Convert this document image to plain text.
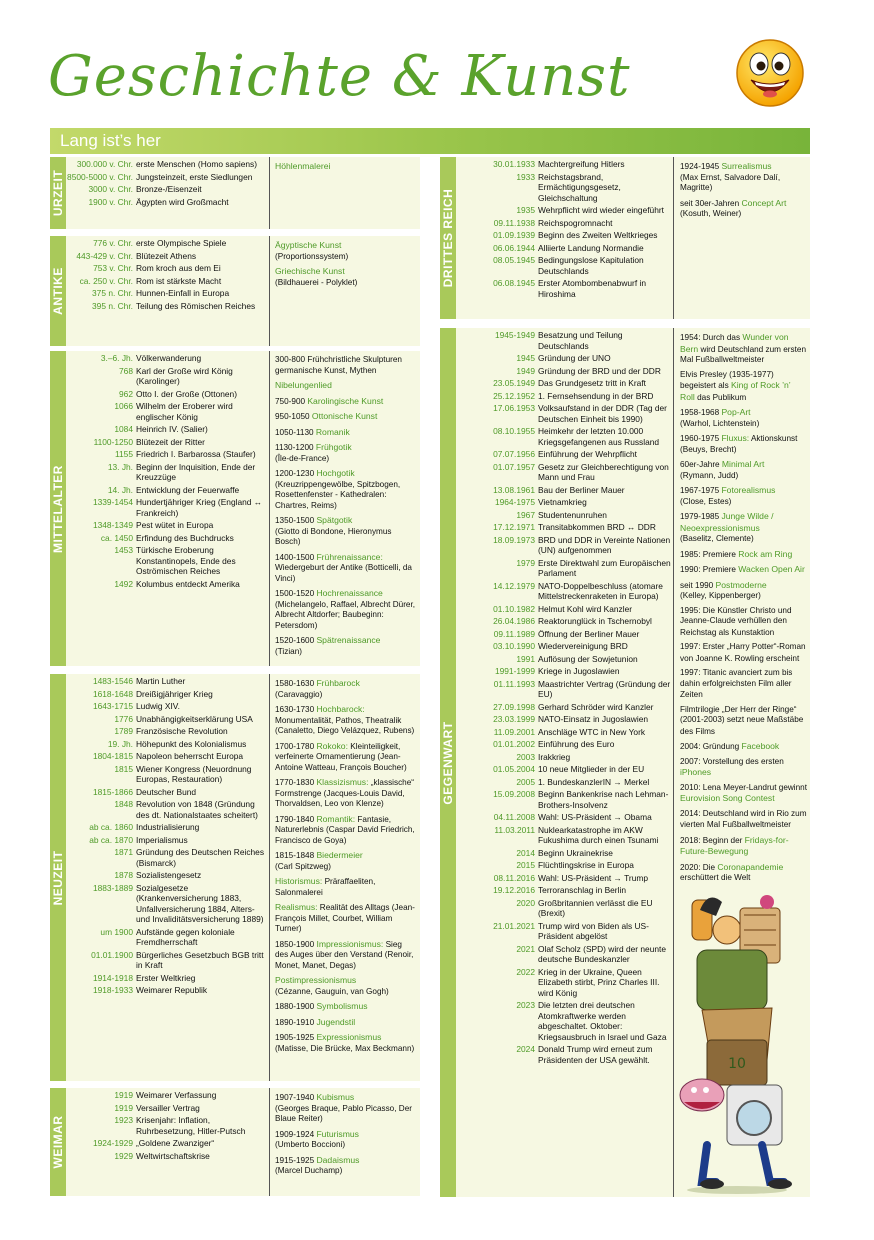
Geschichte & Kunst
Lang ist’s her
URZEIT
300.000 v. Chr. erste Menschen (Homo sapiens)
8500-5000 v. Chr. Jungsteinzeit, erste Siedlungen
3000 v. Chr. Bronze-/Eisenzeit
1900 v. Chr. Ägypten wird Großmacht
Höhlenmalerei
ANTIKE
776 v. Chr. erste Olympische Spiele
443-429 v. Chr. Blütezeit Athens
753 v. Chr. Rom kroch aus dem Ei
ca. 250 v. Chr. Rom ist stärkste Macht
375 n. Chr. Hunnen-Einfall in Europa
395 n. Chr. Teilung des Römischen Reiches
Ägyptische Kunst
(Proportionssystem)
Griechische Kunst
(Bildhauerei - Polyklet)
MITTELALTER
3.–6. Jh. Völkerwanderung
768 Karl der Große wird König (Karolinger)
962 Otto I. der Große (Ottonen)
1066 Wilhelm der Eroberer wird englischer König
1084 Heinrich IV. (Salier)
1100-1250 Blütezeit der Ritter
1155 Friedrich I. Barbarossa (Staufer)
13. Jh. Beginn der Inquisition, Ende der Kreuzzüge
14. Jh. Entwicklung der Feuerwaffe
1339-1454 Hundertjähriger Krieg (England ↔ Frankreich)
1348-1349 Pest wütet in Europa
ca. 1450 Erfindung des Buchdrucks
1453 Türkische Eroberung Konstantinopels, Ende des Oströmischen Reiches
1492 Kolumbus entdeckt Amerika
300-800 Frühchristliche Skulpturen germanische Kunst, Mythen
Nibelungenlied
750-900 Karolingische Kunst
950-1050 Ottonische Kunst
1050-1130 Romanik
1130-1200 Frühgotik
(Île-de-France)
1200-1230 Hochgotik
(Kreuzrippengewölbe, Spitzbogen, Rosettenfenster - Kathedralen: Chartres, Reims)
1350-1500 Spätgotik
(Giotto di Bondone, Hieronymus Bosch)
1400-1500 Frührenaissance: Wiedergeburt der Antike (Botticelli, da Vinci)
1500-1520 Hochrenaissance
(Michelangelo, Raffael, Albrecht Dürer, Albrecht Altdorfer; Baubeginn: Petersdom)
1520-1600 Spätrenaissance
(Tizian)
NEUZEIT
1483-1546 Martin Luther
1618-1648 Dreißigjähriger Krieg
1643-1715 Ludwig XIV.
1776 Unabhängigkeitserklärung USA
1789 Französische Revolution
19. Jh. Höhepunkt des Kolonialismus
1804-1815 Napoleon beherrscht Europa
1815 Wiener Kongress (Neuordnung Europas, Restauration)
1815-1866 Deutscher Bund
1848 Revolution von 1848 (Gründung des dt. Nationalstaates scheitert)
ab ca. 1860 Industrialisierung
ab ca. 1870 Imperialismus
1871 Gründung des Deutschen Reiches (Bismarck)
1878 Sozialistengesetz
1883-1889 Sozialgesetze (Krankenversicherung 1883, Unfallversicherung 1884, Alters- und Invaliditätsversicherung 1889)
um 1900 Aufstände gegen koloniale Fremdherrschaft
01.01.1900 Bürgerliches Gesetzbuch BGB tritt in Kraft
1914-1918 Erster Weltkrieg
1918-1933 Weimarer Republik
1580-1630 Frühbarock
(Caravaggio)
1630-1730 Hochbarock: Monumentalität, Pathos, Theatralik (Canaletto, Diego Velázquez, Rubens)
1700-1780 Rokoko: Kleinteiligkeit, verfeinerte Ornamentierung (Jean-Antoine Watteau, François Boucher)
1770-1830 Klassizismus: „klassische“ Formstrenge (Jacques-Louis David, Thorvaldsen, Leo von Klenze)
1790-1840 Romantik: Fantasie, Naturerlebnis (Caspar David Friedrich, Francisco de Goya)
1815-1848 Biedermeier
(Carl Spitzweg)
Historismus: Präraffaeliten, Salonmalerei
Realismus: Realität des Alltags (Jean-François Millet, Courbet, William Turner)
1850-1900 Impressionismus: Sieg des Auges über den Verstand (Renoir, Monet, Manet, Degas)
Postimpressionismus
(Cézanne, Gauguin, van Gogh)
1880-1900 Symbolismus
1890-1910 Jugendstil
1905-1925 Expressionismus
(Matisse, Die Brücke, Max Beckmann)
WEIMAR
1919 Weimarer Verfassung
1919 Versailler Vertrag
1923 Krisenjahr: Inflation, Ruhrbesetzung, Hitler-Putsch
1924-1929 „Goldene Zwanziger“
1929 Weltwirtschaftskrise
1907-1940 Kubismus
(Georges Braque, Pablo Picasso, Der Blaue Reiter)
1909-1924 Futurismus
(Umberto Boccioni)
1915-1925 Dadaismus
(Marcel Duchamp)
DRITTES REICH
30.01.1933 Machtergreifung Hitlers
1933 Reichstagsbrand, Ermächtigungsgesetz, Gleichschaltung
1935 Wehrpflicht wird wieder eingeführt
09.11.1938 Reichspogromnacht
01.09.1939 Beginn des Zweiten Weltkrieges
06.06.1944 Alliierte Landung Normandie
08.05.1945 Bedingungslose Kapitulation Deutschlands
06.08.1945 Erster Atombombenabwurf in Hiroshima
1924-1945 Surrealismus
(Max Ernst, Salvadore Dalí, Magritte)
seit 30er-Jahren Concept Art
(Kosuth, Weiner)
GEGENWART
1945-1949 Besatzung und Teilung Deutschlands
1945 Gründung der UNO
1949 Gründung der BRD und der DDR
23.05.1949 Das Grundgesetz tritt in Kraft
25.12.1952 1. Fernsehsendung in der BRD
17.06.1953 Volksaufstand in der DDR (Tag der Deutschen Einheit bis 1990)
08.10.1955 Heimkehr der letzten 10.000 Kriegsgefangenen aus Russland
07.07.1956 Einführung der Wehrpflicht
01.07.1957 Gesetz zur Gleichberechtigung von Mann und Frau
13.08.1961 Bau der Berliner Mauer
1964-1975 Vietnamkrieg
1967 Studentenunruhen
17.12.1971 Transitabkommen BRD ↔ DDR
18.09.1973 BRD und DDR in Vereinte Nationen (UN) aufgenommen
1979 Erste Direktwahl zum Europäischen Parlament
14.12.1979 NATO-Doppelbeschluss (atomare Mittelstreckenraketen in Europa)
01.10.1982 Helmut Kohl wird Kanzler
26.04.1986 Reaktorunglück in Tschernobyl
09.11.1989 Öffnung der Berliner Mauer
03.10.1990 Wiedervereinigung BRD
1991 Auflösung der Sowjetunion
1991-1999 Kriege in Jugoslawien
01.11.1993 Maastrichter Vertrag (Gründung der EU)
27.09.1998 Gerhard Schröder wird Kanzler
23.03.1999 NATO-Einsatz in Jugoslawien
11.09.2001 Anschläge WTC in New York
01.01.2002 Einführung des Euro
2003 Irakkrieg
01.05.2004 10 neue Mitglieder in der EU
2005 1. BundeskanzlerIN → Merkel
15.09.2008 Beginn Bankenkrise nach Lehman-Brothers-Insolvenz
04.11.2008 Wahl: US-Präsident → Obama
11.03.2011 Nuklearkatastrophe im AKW Fukushima durch einen Tsunami
2014 Beginn Ukrainekrise
2015 Flüchtlingskrise in Europa
08.11.2016 Wahl: US-Präsident → Trump
19.12.2016 Terroranschlag in Berlin
2020 Großbritannien verlässt die EU (Brexit)
21.01.2021 Trump wird von Biden als US-Präsident abgelöst
2021 Olaf Scholz (SPD) wird der neunte deutsche Bundeskanzler
2022 Krieg in der Ukraine, Queen Elizabeth stirbt, Prinz Charles III. wird König
2023 Die letzten drei deutschen Atomkraftwerke werden abgeschaltet. Oktober: Kriegsausbruch in Israel und Gaza
2024 Donald Trump wird erneut zum Präsidenten der USA gewählt.
1954: Durch das Wunder von Bern wird Deutschland zum ersten Mal Fußballweltmeister
Elvis Presley (1935-1977) begeistert als King of Rock ’n’ Roll das Publikum
1958-1968 Pop-Art
(Warhol, Lichtenstein)
1960-1975 Fluxus: Aktionskunst (Beuys, Brecht)
60er-Jahre Minimal Art
(Rymann, Judd)
1967-1975 Fotorealismus
(Close, Estes)
1979-1985 Junge Wilde / Neoexpressionismus
(Baselitz, Clemente)
1985: Premiere Rock am Ring
1990: Premiere Wacken Open Air
seit 1990 Postmoderne
(Kelley, Kippenberger)
1995: Die Künstler Christo und Jeanne-Claude verhüllen den Reichstag als Kunstaktion
1997: Erster „Harry Potter“-Roman von Joanne K. Rowling erscheint
1997: Titanic avanciert zum bis dahin erfolgreichsten Film aller Zeiten
Filmtrilogie „Der Herr der Ringe“ (2001-2003) setzt neue Maßstäbe des Films
2004: Gründung Facebook
2007: Vorstellung des ersten iPhones
2010: Lena Meyer-Landrut gewinnt Eurovision Song Contest
2014: Deutschland wird in Rio zum vierten Mal Fußballweltmeister
2018: Beginn der Fridays-for-Future-Bewegung
2020: Die Coronapandemie erschüttert die Welt
10
